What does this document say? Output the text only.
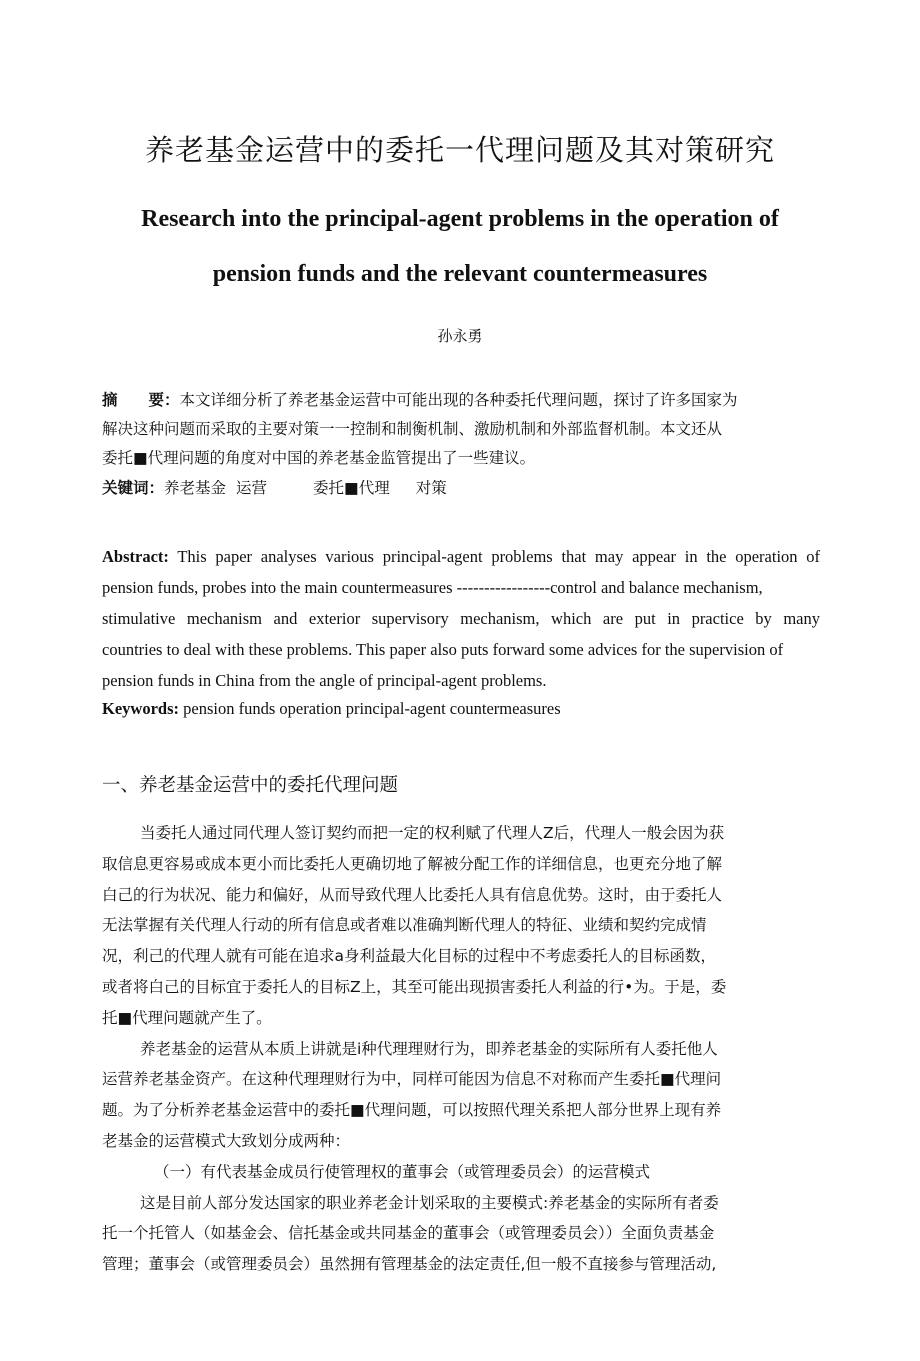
养老基金运营中的委托一代理问题及其对策研究
Research into the principal-agent problems in the operation of
pension funds and the relevant countermeasures
孙永勇
摘　　要：本文详细分析了养老基金运营中可能出现的各种委托代理问题，探讨了许多国家为
解决这种问题而采取的主要对策一一控制和制衡机制、激励机制和外部监督机制。本文还从
委托■代理问题的角度对中国的养老基金监管提出了一些建议。
关键词：养老基金 运营	委托■代理 对策
Abstract: This paper analyses various principal-agent problems that may appear in the operation of
pension funds, probes into the main countermeasures -----------------control and balance mechanism,
stimulative mechanism and exterior supervisory mechanism, which are put in practice by many
countries to deal with these problems. This paper also puts forward some advices for the supervision of
pension funds in China from the angle of principal-agent problems.
Keywords: pension funds operation principal-agent countermeasures
一、养老基金运营中的委托代理问题
当委托人通过同代理人签订契约而把一定的权利赋了代理人Z后，代理人一般会因为获
取信息更容易或成本更小而比委托人更确切地了解被分配工作的详细信息，也更充分地了解
白己的行为状况、能力和偏好，从而导致代理人比委托人具有信息优势。这时，由于委托人
无法掌握有关代理人行动的所有信息或者难以准确判断代理人的特征、业绩和契约完成情
况，利己的代理人就有可能在追求a身利益最大化目标的过程中不考虑委托人的目标函数，
或者将白己的目标宜于委托人的目标Z上，其至可能出现损害委托人利益的行•为。于是，委
托■代理问题就产生了。
养老基金的运营从本质上讲就是i种代理理财行为，即养老基金的实际所有人委托他人
运营养老基金资产。在这种代理理财行为中，同样可能因为信息不对称而产生委托■代理问
题。为了分析养老基金运营中的委托■代理问题，可以按照代理关系把人部分世界上现有养
老基金的运营模式大致划分成两种：
（一）有代表基金成员行使管理权的董事会（或管理委员会）的运营模式
这是目前人部分发达国家的职业养老金计划采取的主要模式:养老基金的实际所有者委
托一个托管人（如基金会、信托基金或共同基金的董事会（或管理委员会））全面负责基金
管理；董事会（或管理委员会）虽然拥有管理基金的法定责任,但一般不直接参与管理活动,
